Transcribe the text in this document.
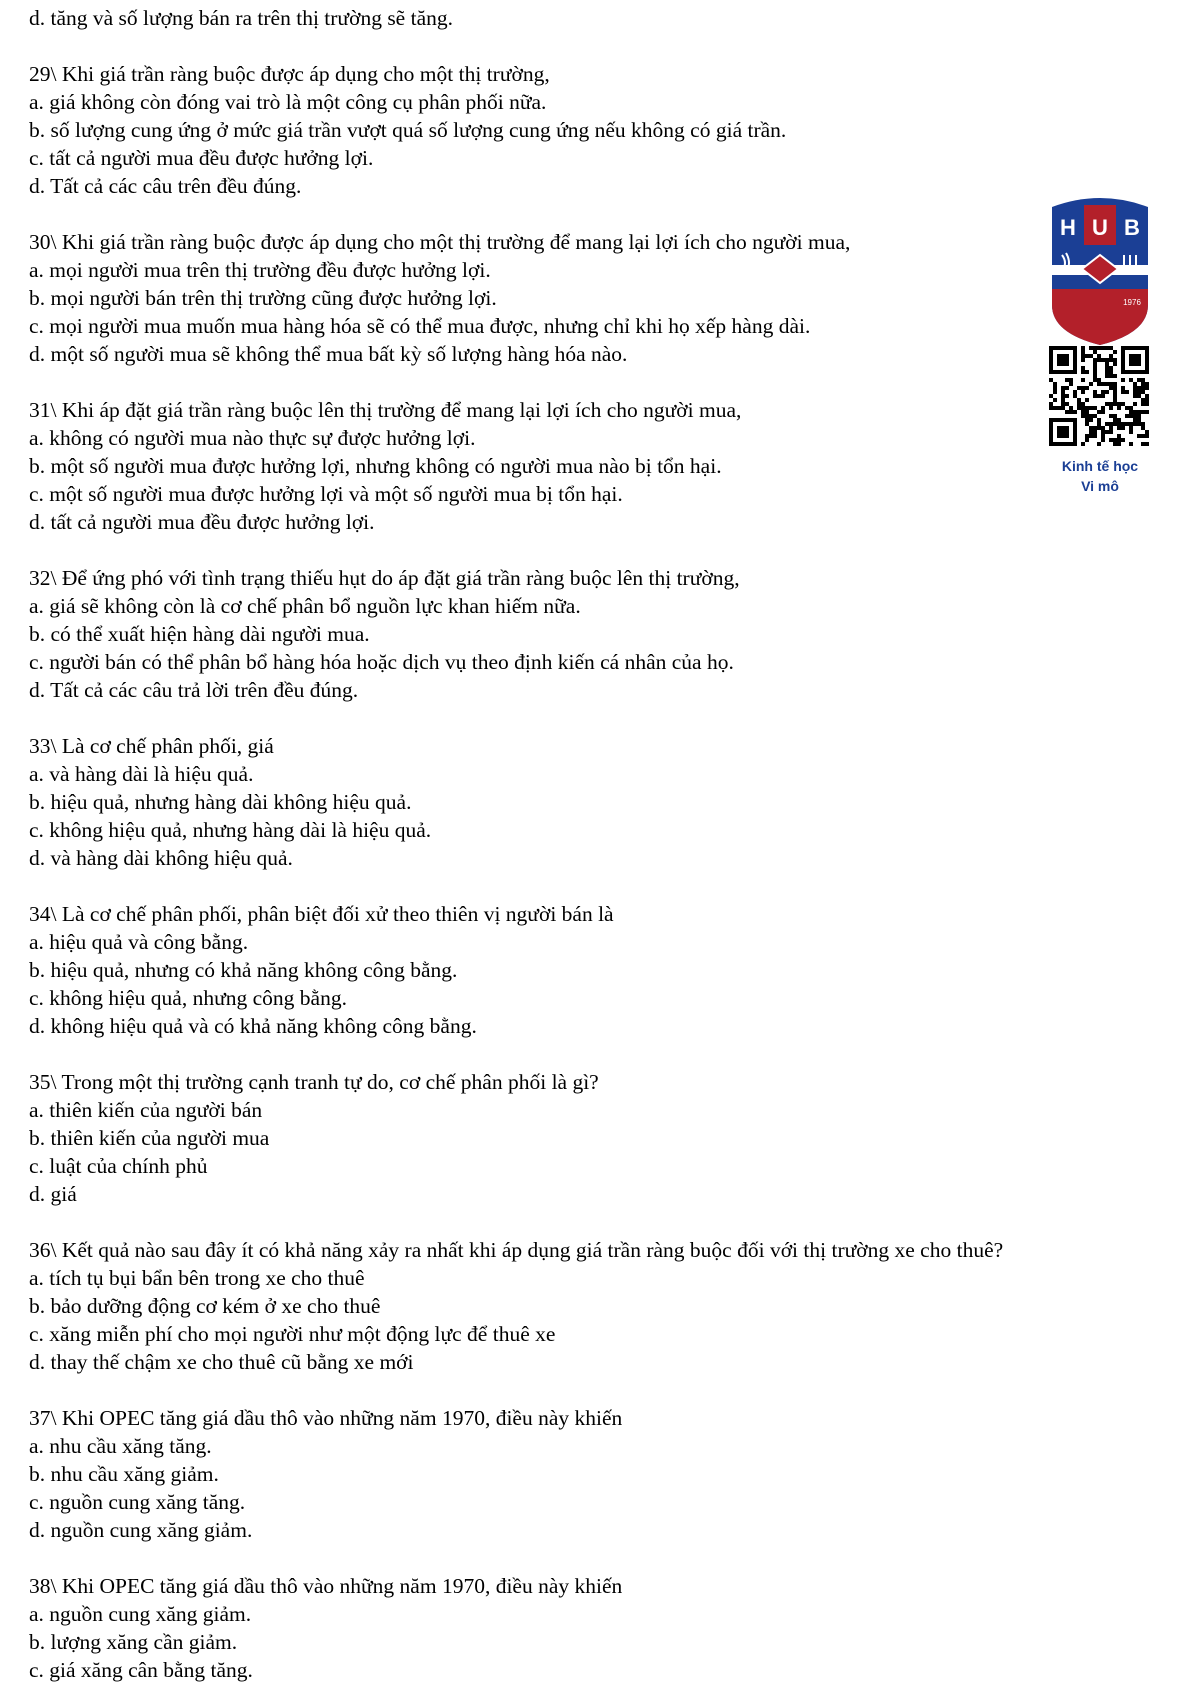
d. tăng và số lượng bán ra trên thị trường sẽ tăng.
29\ Khi giá trần ràng buộc được áp dụng cho một thị trường,
a. giá không còn đóng vai trò là một công cụ phân phối nữa.
b. số lượng cung ứng ở mức giá trần vượt quá số lượng cung ứng nếu không có giá trần.
c. tất cả người mua đều được hưởng lợi.
d. Tất cả các câu trên đều đúng.
30\ Khi giá trần ràng buộc được áp dụng cho một thị trường để mang lại lợi ích cho người mua,
a. mọi người mua trên thị trường đều được hưởng lợi.
b. mọi người bán trên thị trường cũng được hưởng lợi.
c. mọi người mua muốn mua hàng hóa sẽ có thể mua được, nhưng chỉ khi họ xếp hàng dài.
d. một số người mua sẽ không thể mua bất kỳ số lượng hàng hóa nào.
31\ Khi áp đặt giá trần ràng buộc lên thị trường để mang lại lợi ích cho người mua,
a. không có người mua nào thực sự được hưởng lợi.
b. một số người mua được hưởng lợi, nhưng không có người mua nào bị tổn hại.
c. một số người mua được hưởng lợi và một số người mua bị tổn hại.
d. tất cả người mua đều được hưởng lợi.
32\ Để ứng phó với tình trạng thiếu hụt do áp đặt giá trần ràng buộc lên thị trường,
a. giá sẽ không còn là cơ chế phân bổ nguồn lực khan hiếm nữa.
b. có thể xuất hiện hàng dài người mua.
c. người bán có thể phân bổ hàng hóa hoặc dịch vụ theo định kiến cá nhân của họ.
d. Tất cả các câu trả lời trên đều đúng.
33\ Là cơ chế phân phối, giá
a. và hàng dài là hiệu quả.
b. hiệu quả, nhưng hàng dài không hiệu quả.
c. không hiệu quả, nhưng hàng dài là hiệu quả.
d. và hàng dài không hiệu quả.
34\ Là cơ chế phân phối, phân biệt đối xử theo thiên vị người bán là
a. hiệu quả và công bằng.
b. hiệu quả, nhưng có khả năng không công bằng.
c. không hiệu quả, nhưng công bằng.
d. không hiệu quả và có khả năng không công bằng.
35\ Trong một thị trường cạnh tranh tự do, cơ chế phân phối là gì?
a. thiên kiến của người bán
b. thiên kiến của người mua
c. luật của chính phủ
d. giá
36\ Kết quả nào sau đây ít có khả năng xảy ra nhất khi áp dụng giá trần ràng buộc đối với thị trường xe cho thuê?
a. tích tụ bụi bẩn bên trong xe cho thuê
b. bảo dưỡng động cơ kém ở xe cho thuê
c. xăng miễn phí cho mọi người như một động lực để thuê xe
d. thay thế chậm xe cho thuê cũ bằng xe mới
37\ Khi OPEC tăng giá dầu thô vào những năm 1970, điều này khiến
a. nhu cầu xăng tăng.
b. nhu cầu xăng giảm.
c. nguồn cung xăng tăng.
d. nguồn cung xăng giảm.
38\ Khi OPEC tăng giá dầu thô vào những năm 1970, điều này khiến
a. nguồn cung xăng giảm.
b. lượng xăng cần giảm.
c. giá xăng cân bằng tăng.
H U B
1976
Kinh tế học
Vi mô
